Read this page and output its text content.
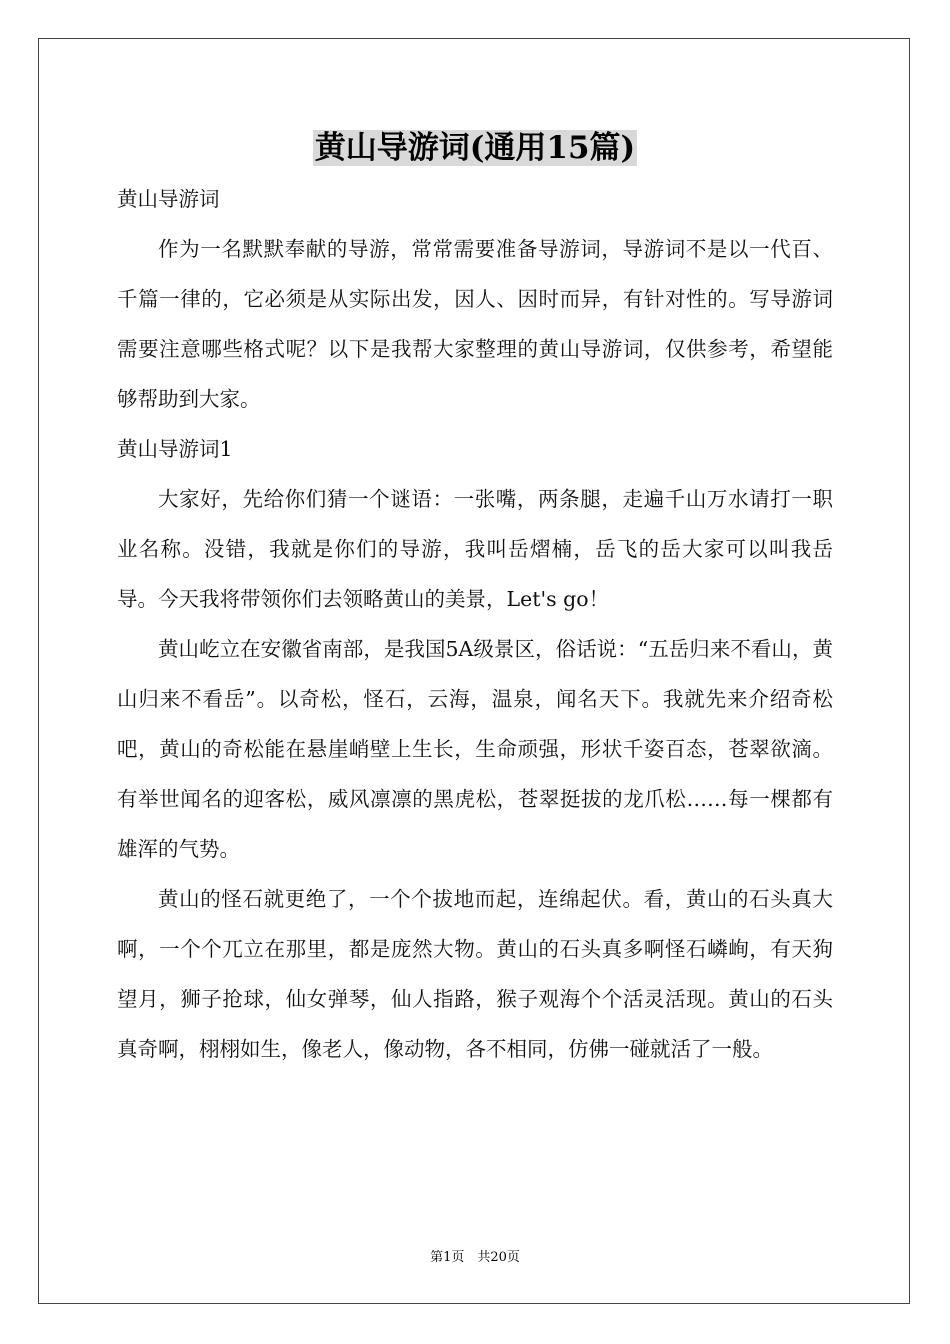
黄山导游词(通用15篇)

黄山导游词

作为一名默默奉献的导游，常常需要准备导游词，导游词不是以一代百、千篇一律的，它必须是从实际出发，因人、因时而异，有针对性的。写导游词需要注意哪些格式呢？以下是我帮大家整理的黄山导游词，仅供参考，希望能够帮助到大家。

黄山导游词1

大家好，先给你们猜一个谜语：一张嘴，两条腿，走遍千山万水请打一职业名称。没错，我就是你们的导游，我叫岳熠楠，岳飞的岳大家可以叫我岳导。今天我将带领你们去领略黄山的美景，Let's go！

黄山屹立在安徽省南部，是我国5A级景区，俗话说：“五岳归来不看山，黄山归来不看岳”。以奇松，怪石，云海，温泉，闻名天下。我就先来介绍奇松吧，黄山的奇松能在悬崖峭壁上生长，生命顽强，形状千姿百态，苍翠欲滴。有举世闻名的迎客松，威风凛凛的黑虎松，苍翠挺拔的龙爪松……每一棵都有雄浑的气势。

黄山的怪石就更绝了，一个个拔地而起，连绵起伏。看，黄山的石头真大啊，一个个兀立在那里，都是庞然大物。黄山的石头真多啊怪石嶙峋，有天狗望月，狮子抢球，仙女弹琴，仙人指路，猴子观海个个活灵活现。黄山的石头真奇啊，栩栩如生，像老人，像动物，各不相同，仿佛一碰就活了一般。

第1页　共20页
